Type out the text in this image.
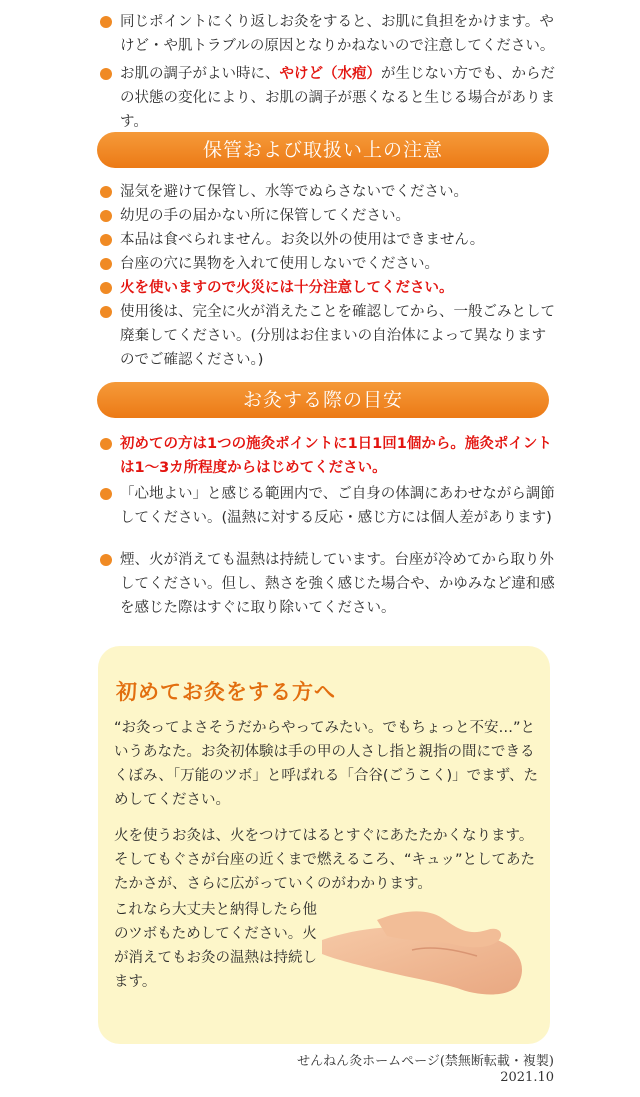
同じポイントにくり返しお灸をすると、お肌に負担をかけます。やけど・や肌トラブルの原因となりかねないので注意してください。
お肌の調子がよい時に、やけど（水疱）が生じない方でも、からだの状態の変化により、お肌の調子が悪くなると生じる場合があります。
保管および取扱い上の注意
湿気を避けて保管し、水等でぬらさないでください。
幼児の手の届かない所に保管してください。
本品は食べられません。お灸以外の使用はできません。
台座の穴に異物を入れて使用しないでください。
火を使いますので火災には十分注意してください。
使用後は、完全に火が消えたことを確認してから、一般ごみとして廃棄してください。(分別はお住まいの自治体によって異なりますのでご確認ください。)
お灸する際の目安
初めての方は1つの施灸ポイントに1日1回1個から。施灸ポイントは1～3カ所程度からはじめてください。
「心地よい」と感じる範囲内で、ご自身の体調にあわせながら調節してください。(温熱に対する反応・感じ方には個人差があります)
煙、火が消えても温熱は持続しています。台座が冷めてから取り外してください。但し、熱さを強く感じた場合や、かゆみなど違和感を感じた際はすぐに取り除いてください。
初めてお灸をする方へ
“お灸ってよさそうだからやってみたい。でもちょっと不安…”というあなた。お灸初体験は手の甲の人さし指と親指の間にできるくぼみ、「万能のツボ」と呼ばれる「合谷(ごうこく)」でまず、ためしてください。
火を使うお灸は、火をつけてはるとすぐにあたたかくなります。そしてもぐさが台座の近くまで燃えるころ、“キュッ”としてあたたかさが、さらに広がっていくのがわかります。
これなら大丈夫と納得したら他のツボもためしてください。火が消えてもお灸の温熱は持続します。
せんねん灸ホームページ(禁無断転載・複製)
2021.10
